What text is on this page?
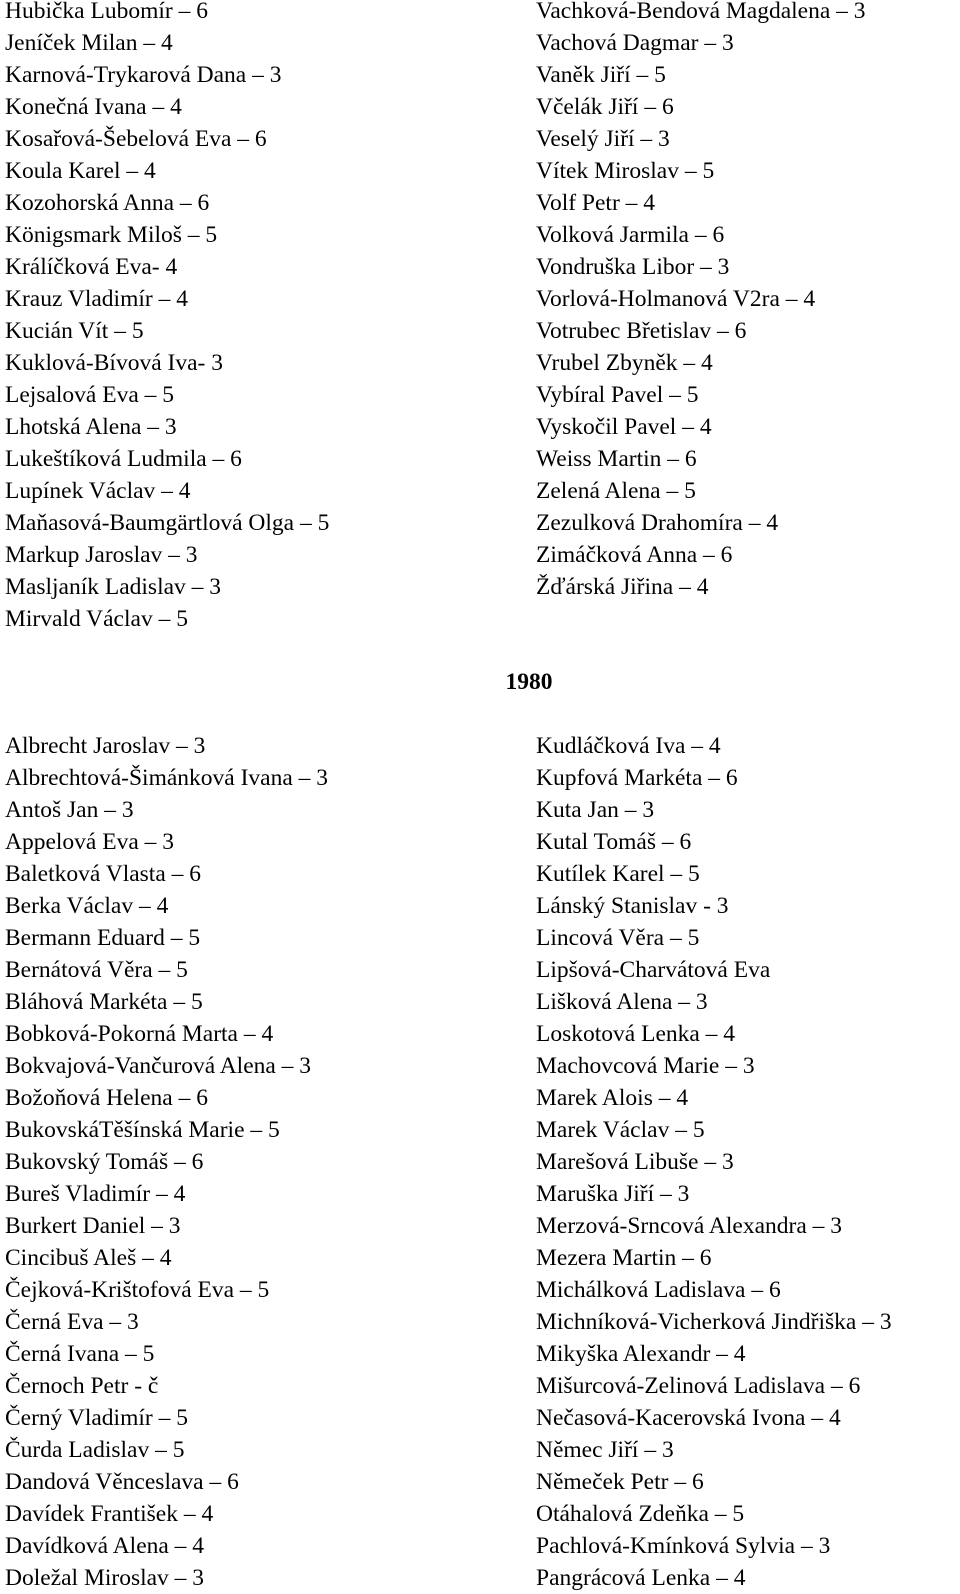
Hubička Lubomír – 6
Jeníček Milan – 4
Karnová-Trykarová Dana – 3
Konečná Ivana – 4
Kosařová-Šebelová Eva – 6
Koula Karel – 4
Kozohorská Anna – 6
Königsmark Miloš – 5
Králíčková Eva- 4
Krauz Vladimír – 4
Kucián Vít – 5
Kuklová-Bívová Iva- 3
Lejsalová Eva – 5
Lhotská Alena – 3
Lukeštíková Ludmila – 6
Lupínek Václav – 4
Maňasová-Baumgärtlová Olga – 5
Markup Jaroslav – 3
Masljaník Ladislav – 3
Mirvald Václav – 5
Vachková-Bendová Magdalena – 3
Vachová Dagmar – 3
Vaněk Jiří – 5
Včelák Jiří – 6
Veselý Jiří – 3
Vítek Miroslav – 5
Volf Petr – 4
Volková Jarmila – 6
Vondruška Libor – 3
Vorlová-Holmanová V2ra – 4
Votrubec Břetislav – 6
Vrubel Zbyněk – 4
Vybíral Pavel – 5
Vyskočil Pavel – 4
Weiss Martin – 6
Zelená Alena – 5
Zezulková Drahomíra – 4
Zimáčková Anna – 6
Žďárská Jiřina – 4
1980
Albrecht Jaroslav – 3
Albrechtová-Šimánková Ivana – 3
Antoš Jan – 3
Appelová Eva – 3
Baletková Vlasta – 6
Berka Václav – 4
Bermann Eduard – 5
Bernátová Věra – 5
Bláhová Markéta – 5
Bobková-Pokorná Marta – 4
Bokvajová-Vančurová Alena – 3
Božoňová Helena – 6
BukovskáTěšínská Marie – 5
Bukovský Tomáš – 6
Bureš Vladimír – 4
Burkert Daniel – 3
Cincibuš Aleš – 4
Čejková-Krištofová Eva – 5
Černá Eva – 3
Černá Ivana – 5
Černoch Petr - č
Černý Vladimír – 5
Čurda Ladislav – 5
Dandová Věnceslava – 6
Davídek František – 4
Davídková Alena – 4
Doležal Miroslav – 3
Kudláčková Iva – 4
Kupfová Markéta – 6
Kuta Jan – 3
Kutal Tomáš – 6
Kutílek Karel – 5
Lánský Stanislav - 3
Lincová Věra – 5
Lipšová-Charvátová Eva
Lišková Alena – 3
Loskotová Lenka – 4
Machovcová Marie – 3
Marek Alois – 4
Marek Václav – 5
Marešová Libuše – 3
Maruška Jiří – 3
Merzová-Srncová Alexandra – 3
Mezera Martin – 6
Michálková Ladislava – 6
Michníková-Vicherková Jindřiška – 3
Mikyška Alexandr – 4
Mišurcová-Zelinová Ladislava – 6
Nečasová-Kacerovská Ivona – 4
Němec Jiří – 3
Němeček Petr – 6
Otáhalová Zdeňka – 5
Pachlová-Kmínková Sylvia – 3
Pangrácová Lenka – 4
